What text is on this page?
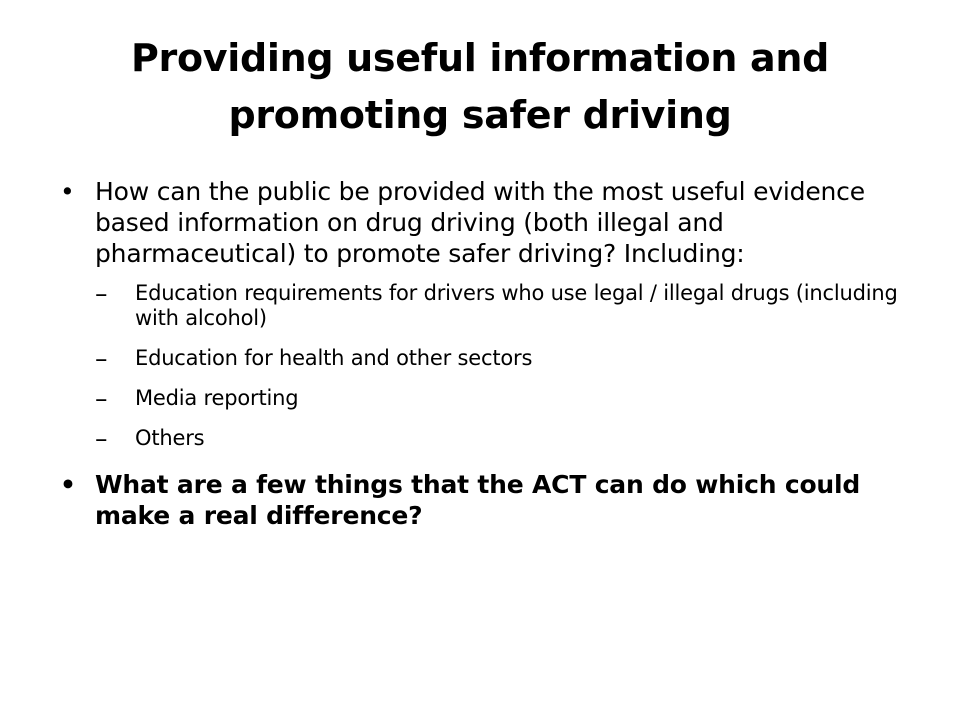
Providing useful information and promoting safer driving
• How can the public be provided with the most useful evidence based information on drug driving (both illegal and pharmaceutical) to promote safer driving? Including:
– Education requirements for drivers who use legal / illegal drugs (including with alcohol)
– Education for health and other sectors
– Media reporting
– Others
• What are a few things that the ACT can do which could make a real difference?
